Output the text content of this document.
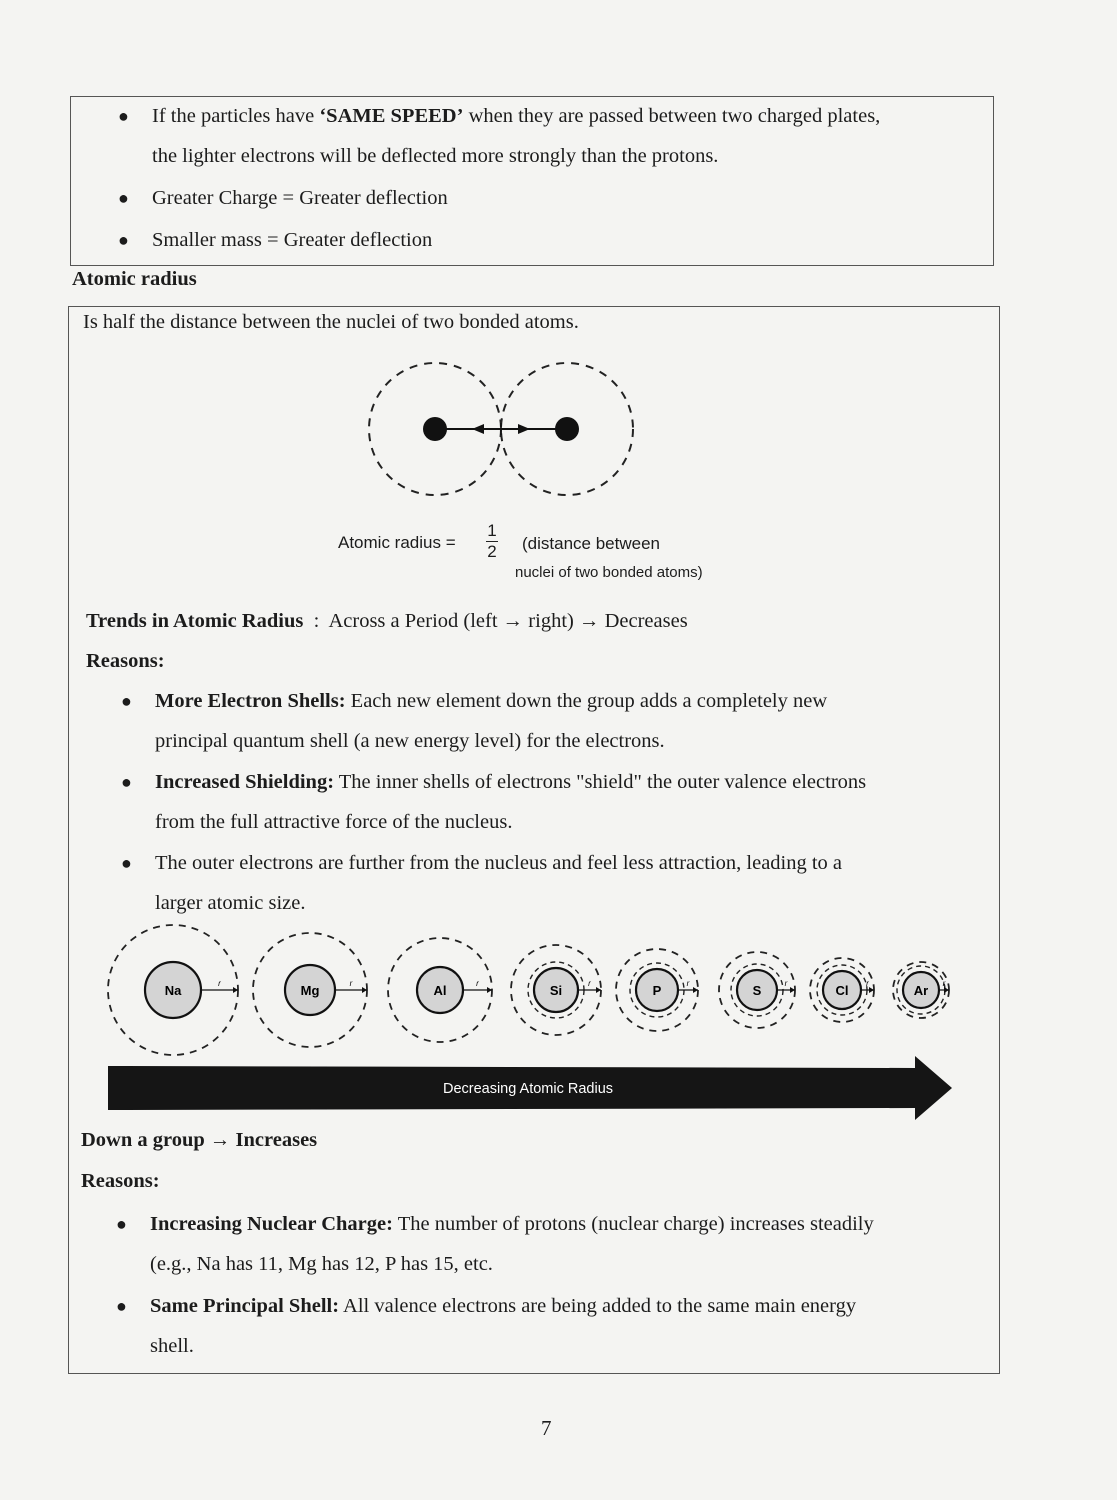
● If the particles have ‘SAME SPEED’ when they are passed between two charged plates,
the lighter electrons will be deflected more strongly than the protons.
● Greater Charge = Greater deflection
● Smaller mass = Greater deflection
Atomic radius
Is half the distance between the nuclei of two bonded atoms.
Atomic radius =
1
2 (distance between
nuclei of two bonded atoms)
Trends in Atomic Radius : Across a Period (left → right) → Decreases
Reasons:
● More Electron Shells: Each new element down the group adds a completely new
principal quantum shell (a new energy level) for the electrons.
● Increased Shielding: The inner shells of electrons "shield" the outer valence electrons
from the full attractive force of the nucleus.
● The outer electrons are further from the nucleus and feel less attraction, leading to a
larger atomic size.
Na	r	Mg	r	Al	r	Si	r	P	r	S	r	Cl r	Ar r
Decreasing Atomic Radius
Down a group → Increases
Reasons:
● Increasing Nuclear Charge: The number of protons (nuclear charge) increases steadily
(e.g., Na has 11, Mg has 12, P has 15, etc.
● Same Principal Shell: All valence electrons are being added to the same main energy
shell.
7
